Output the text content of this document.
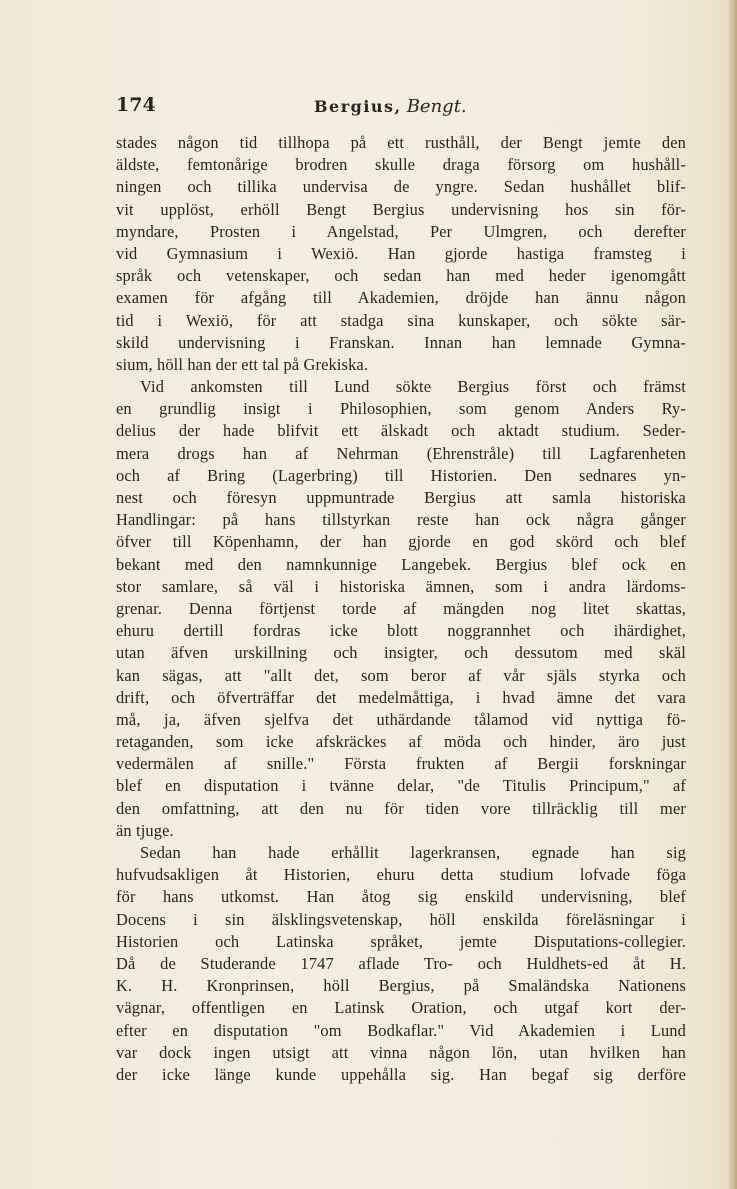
174	Bergius, Bengt.
stades någon tid tillhopa på ett rusthåll, der Bengt jemte den
äldste, femtonårige brodren skulle draga försorg om hushåll-
ningen och tillika undervisa de yngre. Sedan hushållet blif-
vit upplöst, erhöll Bengt Bergius undervisning hos sin för-
myndare, Prosten i Angelstad, Per Ulmgren, och derefter
vid Gymnasium i Wexiö. Han gjorde hastiga framsteg i
språk och vetenskaper, och sedan han med heder igenomgått
examen för afgång till Akademien, dröjde han ännu någon
tid i Wexiö, för att stadga sina kunskaper, och sökte sär-
skild undervisning i Franskan. Innan han lemnade Gymna-
sium, höll han der ett tal på Grekiska.
Vid ankomsten till Lund sökte Bergius först och främst
en grundlig insigt i Philosophien, som genom Anders Ry-
delius der hade blifvit ett älskadt och aktadt studium. Seder-
mera drogs han af Nehrman (Ehrenstråle) till Lagfarenheten
och af Bring (Lagerbring) till Historien. Den sednares yn-
nest och föresyn uppmuntrade Bergius att samla historiska
Handlingar: på hans tillstyrkan reste han ock några gånger
öfver till Köpenhamn, der han gjorde en god skörd och blef
bekant med den namnkunnige Langebek. Bergius blef ock en
stor samlare, så väl i historiska ämnen, som i andra lärdoms-
grenar. Denna förtjenst torde af mängden nog litet skattas,
ehuru dertill fordras icke blott noggrannhet och ihärdighet,
utan äfven urskillning och insigter, och dessutom med skäl
kan sägas, att "allt det, som beror af vår själs styrka och
drift, och öfverträffar det medelmåttiga, i hvad ämne det vara
må, ja, äfven sjelfva det uthärdande tålamod vid nyttiga fö-
retaganden, som icke afskräckes af möda och hinder, äro just
vedermälen af snille." Första frukten af Bergii forskningar
blef en disputation i tvänne delar, "de Titulis Principum," af
den omfattning, att den nu för tiden vore tillräcklig till mer
än tjuge.
Sedan han hade erhållit lagerkransen, egnade han sig
hufvudsakligen åt Historien, ehuru detta studium lofvade föga
för hans utkomst. Han åtog sig enskild undervisning, blef
Docens i sin älsklingsvetenskap, höll enskilda föreläsningar i
Historien och Latinska språket, jemte Disputations-collegier.
Då de Studerande 1747 aflade Tro- och Huldhets-ed åt H.
K. H. Kronprinsen, höll Bergius, på Smaländska Nationens
vägnar, offentligen en Latinsk Oration, och utgaf kort der-
efter en disputation "om Bodkaflar." Vid Akademien i Lund
var dock ingen utsigt att vinna någon lön, utan hvilken han
der icke länge kunde uppehålla sig. Han begaf sig derföre
